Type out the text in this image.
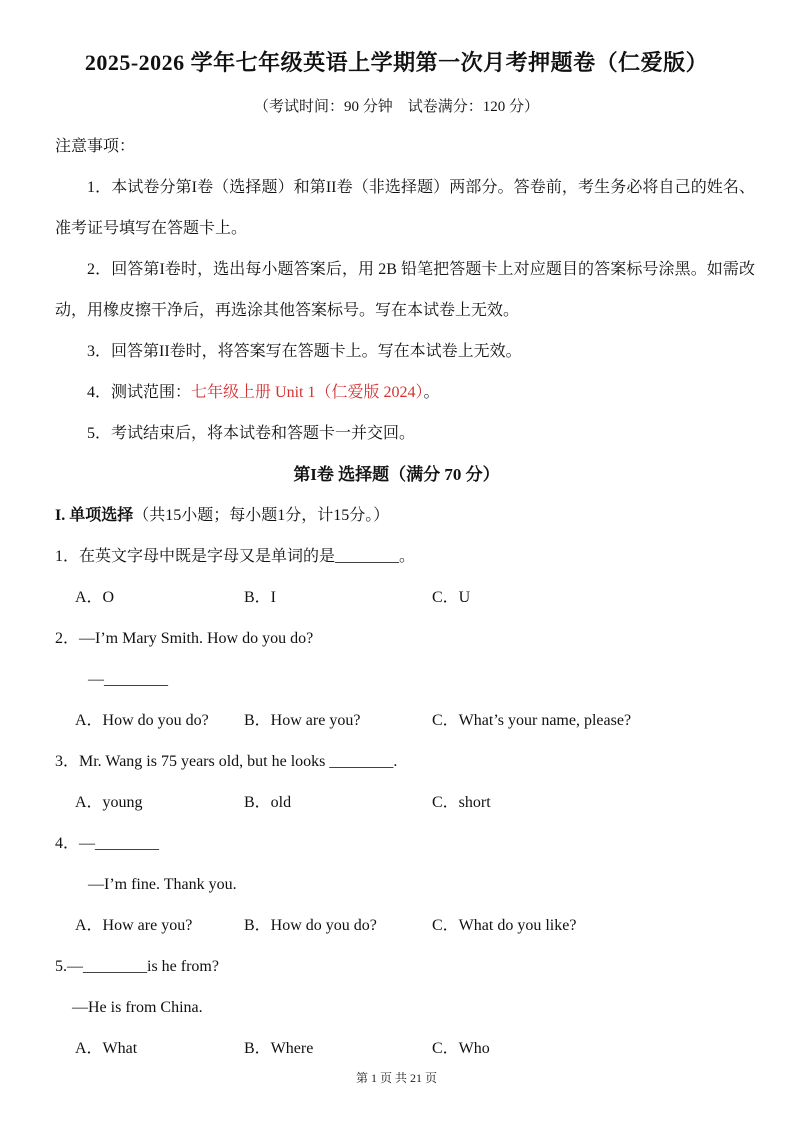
2025-2026 学年七年级英语上学期第一次月考押题卷（仁爱版）
（考试时间：90 分钟　试卷满分：120 分）

注意事项：

1．本试卷分第I卷（选择题）和第II卷（非选择题）两部分。答卷前，考生务必将自己的姓名、准考证号填写在答题卡上。

2．回答第I卷时，选出每小题答案后，用 2B 铅笔把答题卡上对应题目的答案标号涂黑。如需改动，用橡皮擦干净后，再选涂其他答案标号。写在本试卷上无效。

3．回答第II卷时，将答案写在答题卡上。写在本试卷上无效。

4．测试范围：七年级上册 Unit 1（仁爱版 2024）。

5．考试结束后，将本试卷和答题卡一并交回。

第I卷 选择题（满分 70 分）

I. 单项选择（共15小题；每小题1分，计15分。）

1．在英文字母中既是字母又是单词的是________。

A．O	B．I	C．U

2．—I’m Mary Smith. How do you do?

—________

A．How do you do?	B．How are you?	C．What’s your name, please?

3．Mr. Wang is 75 years old, but he looks ________.

A．young	B．old	C．short

4．—________

—I’m fine. Thank you.

A．How are you?	B．How do you do?	C．What do you like?

5.—________is he from?

—He is from China.

A．What	B．Where	C．Who
第 1 页 共 21 页
